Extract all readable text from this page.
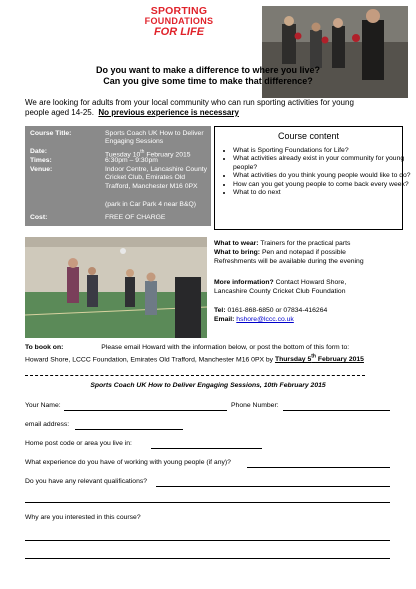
SPORTING
FOUNDATIONS
FOR LIFE
Do you want to make a difference to where you live?
Can you give some time to make that difference?
We are looking for adults from your local community who can run sporting activities for young people aged 14-25. No previous experience is necessary
Course Title:	Sports Coach UK How to Deliver Engaging Sessions
Date:	Tuesday 10th February 2015
Times:	6:30pm – 9:30pm
Venue:	Indoor Centre, Lancashire County Cricket Club, Emirates Old Trafford, Manchester M16 0PX
(park in Car Park 4 near B&Q)
Cost:	FREE OF CHARGE
Course content
• What is Sporting Foundations for Life?
• What activities already exist in your community for young people?
• What activities do you think young people would like to do?
• How can you get young people to come back every week?
• What to do next
What to wear: Trainers for the practical parts
What to bring: Pen and notepad if possible
Refreshments will be available during the evening
More information? Contact Howard Shore,
Lancashire County Cricket Club Foundation
Tel: 0161-868-6850 or 07834-416264
Email: hshore@lccc.co.uk
To book on:	Please email Howard with the information below, or post the bottom of this form to:
Howard Shore, LCCC Foundation, Emirates Old Trafford, Manchester M16 0PX by Thursday 5th February 2015
Sports Coach UK How to Deliver Engaging Sessions, 10th February 2015
Your Name:	Phone Number:
email address:
Home post code or area you live in:
What experience do you have of working with young people (if any)?
Do you have any relevant qualifications?
Why are you interested in this course?
